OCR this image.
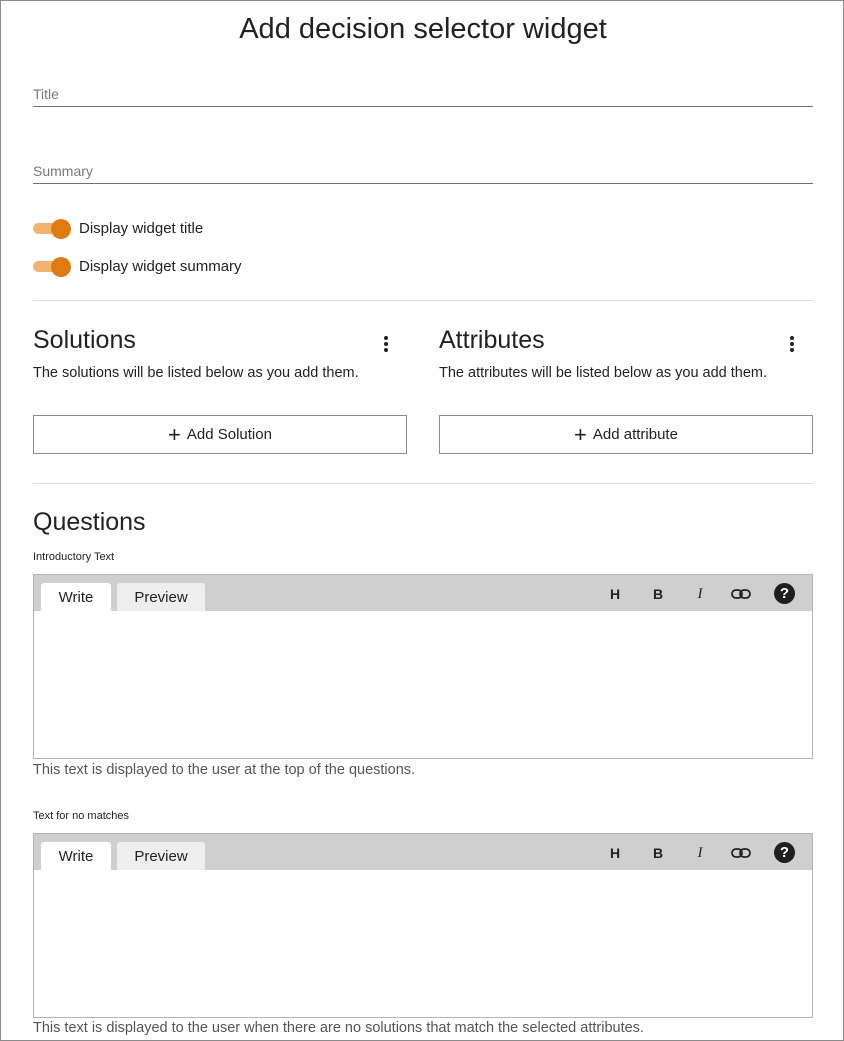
Add decision selector widget
Title
Summary
Display widget title
Display widget summary
Solutions
The solutions will be listed below as you add them.
+ Add Solution
Attributes
The attributes will be listed below as you add them.
+ Add attribute
Questions
Introductory Text
Write	Preview	H	B	I	?
This text is displayed to the user at the top of the questions.
Text for no matches
Write	Preview	H	B	I	?
This text is displayed to the user when there are no solutions that match the selected attributes.
